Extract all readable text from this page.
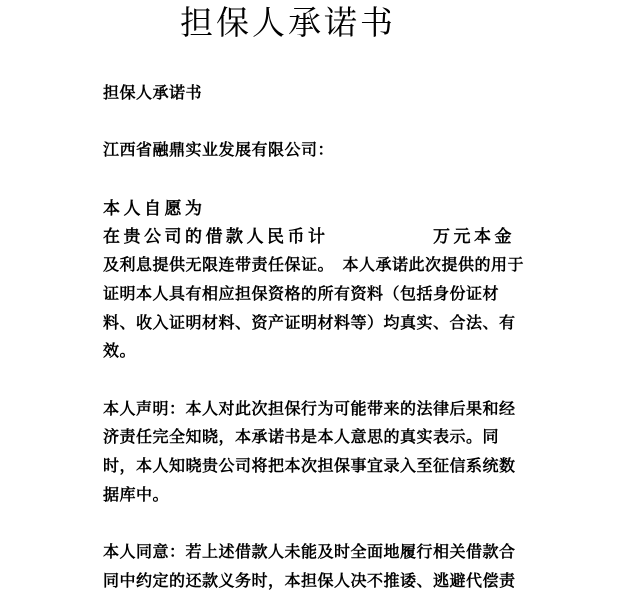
担保人承诺书
担保人承诺书
江西省融鼎实业发展有限公司：
本人自愿为
在贵公司的借款人民币计	万元本金
及利息提供无限连带责任保证。　本人承诺此次提供的用于
证明本人具有相应担保资格的所有资料（包括身份证材
料、收入证明材料、资产证明材料等）均真实、合法、有
效。
本人声明：本人对此次担保行为可能带来的法律后果和经
济责任完全知晓，本承诺书是本人意思的真实表示。同
时，本人知晓贵公司将把本次担保事宜录入至征信系统数
据库中。
本人同意：若上述借款人未能及时全面地履行相关借款合
同中约定的还款义务时，本担保人决不推诿、逃避代偿责
